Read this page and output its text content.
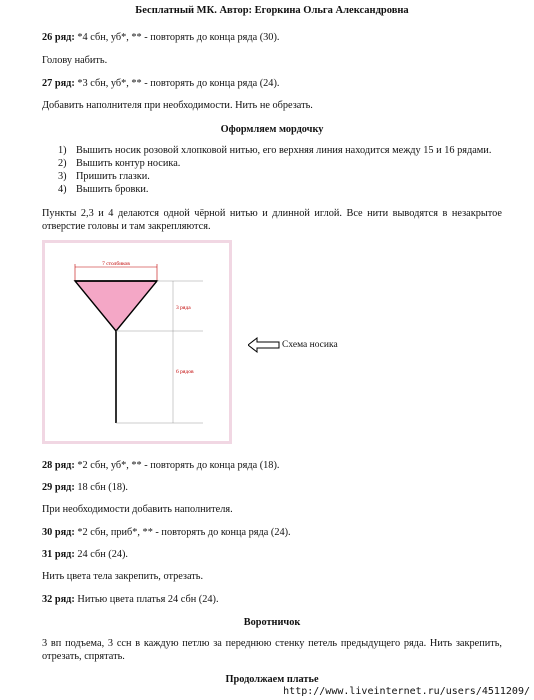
Бесплатный МК. Автор: Егоркина Ольга Александровна
26 ряд: *4 сбн, уб*, ** - повторять до конца ряда (30).
Голову набить.
27 ряд: *3 сбн, уб*, ** - повторять до конца ряда (24).
Добавить наполнителя при необходимости. Нить не обрезать.
Оформляем мордочку
1) Вышить носик розовой хлопковой нитью, его верхняя линия находится между 15 и 16 рядами.
2) Вышить контур носика.
3) Пришить глазки.
4) Вышить бровки.
Пункты 2,3 и 4 делаются одной чёрной нитью и длинной иглой. Все нити выводятся в незакрытое отверстие головы и там закрепляются.
7 столбиков
3 ряда
6 рядов
Схема носика
28 ряд: *2 сбн, уб*, ** - повторять до конца ряда (18).
29 ряд: 18 сбн (18).
При необходимости добавить наполнителя.
30 ряд: *2 сбн, приб*, ** - повторять до конца ряда (24).
31 ряд: 24 сбн (24).
Нить цвета тела закрепить, отрезать.
32 ряд: Нитью цвета платья 24 сбн (24).
Воротничок
3 вп подъема, 3 ссн в каждую петлю за переднюю стенку петель предыдущего ряда. Нить закрепить, отрезать, спрятать.
Продолжаем платье
http://www.liveinternet.ru/users/4511209/
